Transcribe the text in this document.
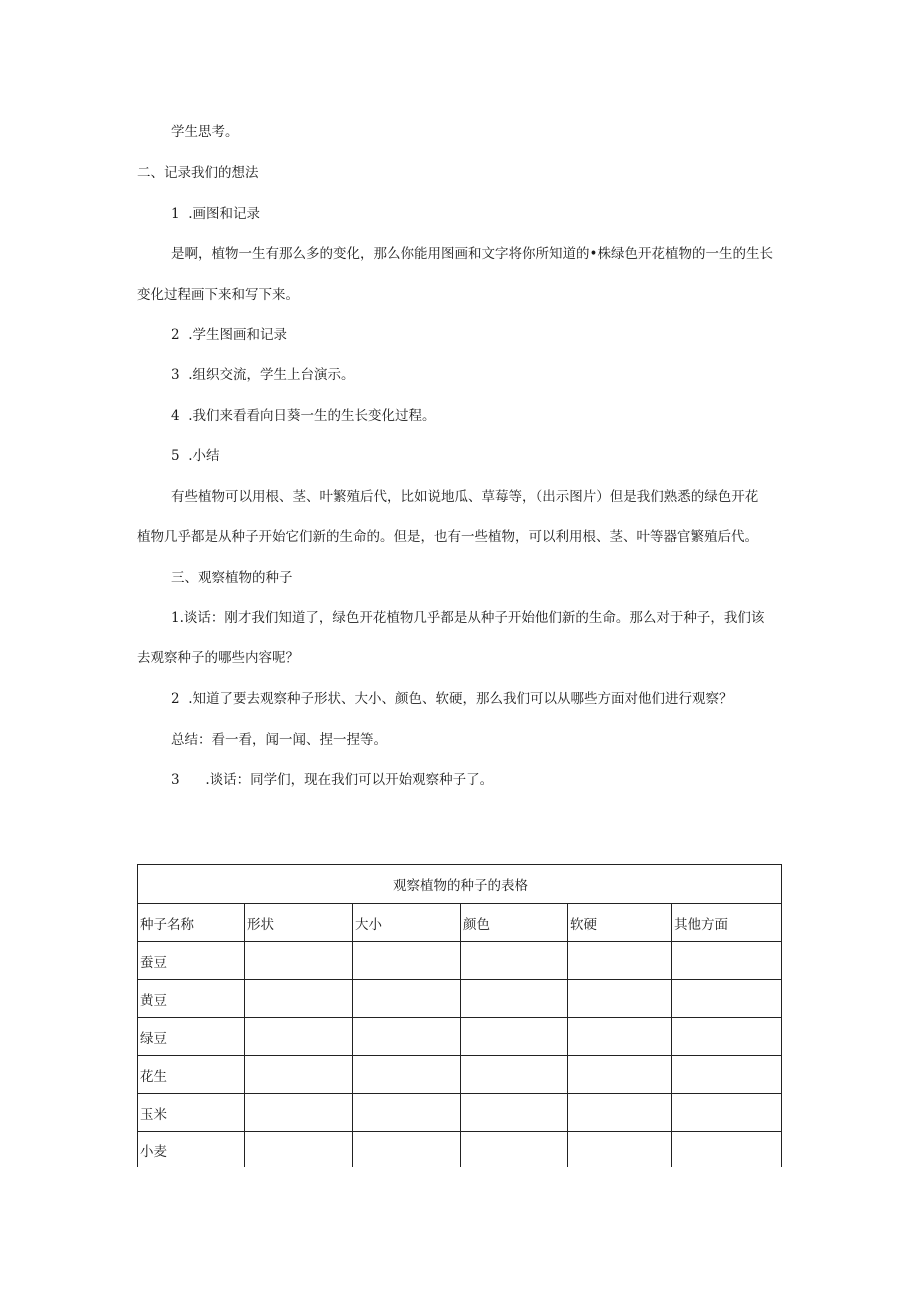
学生思考。
二、记录我们的想法
1 .画图和记录
是啊，植物一生有那么多的变化，那么你能用图画和文字将你所知道的•株绿色开花植物的一生的生长
变化过程画下来和写下来。
2 .学生图画和记录
3 .组织交流，学生上台演示。
4 .我们来看看向日葵一生的生长变化过程。
5 .小结
有些植物可以用根、茎、叶繁殖后代，比如说地瓜、草莓等，（出示图片）但是我们熟悉的绿色开花
植物几乎都是从种子开始它们新的生命的。但是，也有一些植物，可以利用根、茎、叶等器官繁殖后代。
三、观察植物的种子
1.谈话：刚才我们知道了，绿色开花植物几乎都是从种子开始他们新的生命。那么对于种子，我们该
去观察种子的哪些内容呢？
2 .知道了要去观察种子形状、大小、颜色、软硬，那么我们可以从哪些方面对他们进行观察？
总结：看一看，闻一闻、捏一捏等。
3 .谈话：同学们，现在我们可以开始观察种子了。
观察植物的种子的表格					
种子名称	形状	大小	颜色	软硬	其他方面
蚕豆					
黄豆					
绿豆					
花生					
玉米					
小麦					
